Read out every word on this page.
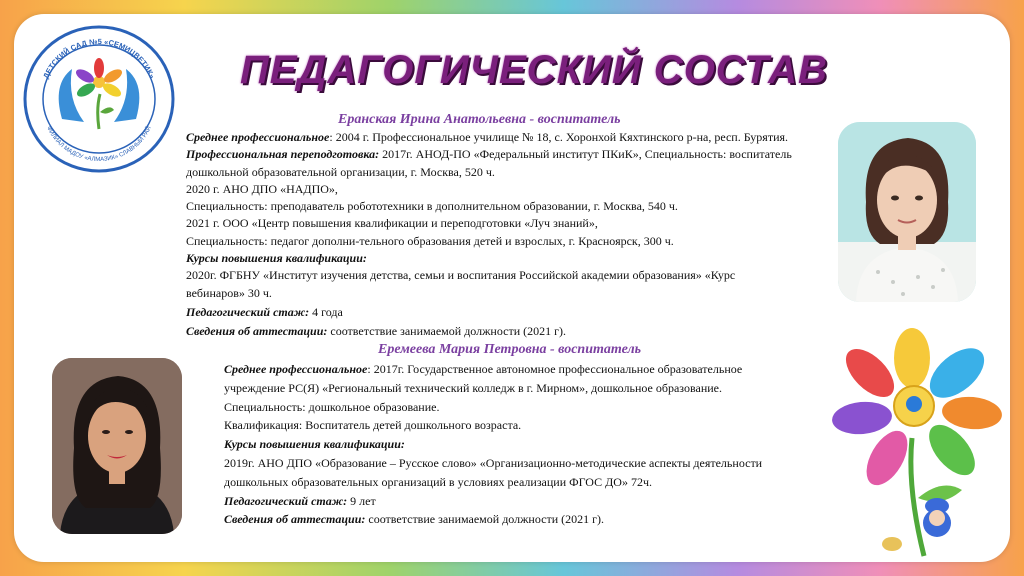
ДЕТСКИЙ САД №5 «СЕМИЦВЕТИК»
ФИЛИАЛ МАДОУ «АЛМАЗИК» СЛАВНЫЙ РАЙ
ПЕДАГОГИЧЕСКИЙ СОСТАВ
Еранская Ирина Анатольевна - воспитатель
Среднее профессиональное: 2004 г. Профессиональное училище № 18, с. Хоронхой Кяхтинского р-на, респ. Бурятия.
Профессиональная переподготовка: 2017г. АНОД-ПО «Федеральный институт ПКиК», Специальность: воспитатель дошкольной образовательной организации, г. Москва, 520 ч.
2020 г. АНО ДПО «НАДПО»,
Специальность: преподаватель робототехники в дополнительном образовании, г. Москва, 540 ч.
2021 г. ООО «Центр повышения квалификации и переподготовки «Луч знаний»,
Специальность: педагог дополни-тельного образования детей и взрослых, г. Красноярск, 300 ч.
Курсы повышения квалификации:
2020г. ФГБНУ «Институт изучения детства, семьи и воспитания Российской академии образования» «Курс вебинаров» 30 ч.
Педагогический стаж: 4 года
Сведения об аттестации: соответствие занимаемой должности (2021 г).
Еремеева Мария Петровна - воспитатель
Среднее профессиональное: 2017г. Государственное автономное профессиональное образовательное учреждение РС(Я) «Региональный технический колледж в г. Мирном», дошкольное образование.
Специальность: дошкольное образование.
Квалификация: Воспитатель детей дошкольного возраста.
Курсы повышения квалификации:
2019г. АНО ДПО «Образование – Русское слово» «Организационно-методические аспекты деятельности дошкольных образовательных организаций в условиях реализации ФГОС ДО» 72ч.
Педагогический стаж: 9 лет
Сведения об аттестации: соответствие занимаемой должности (2021 г).
